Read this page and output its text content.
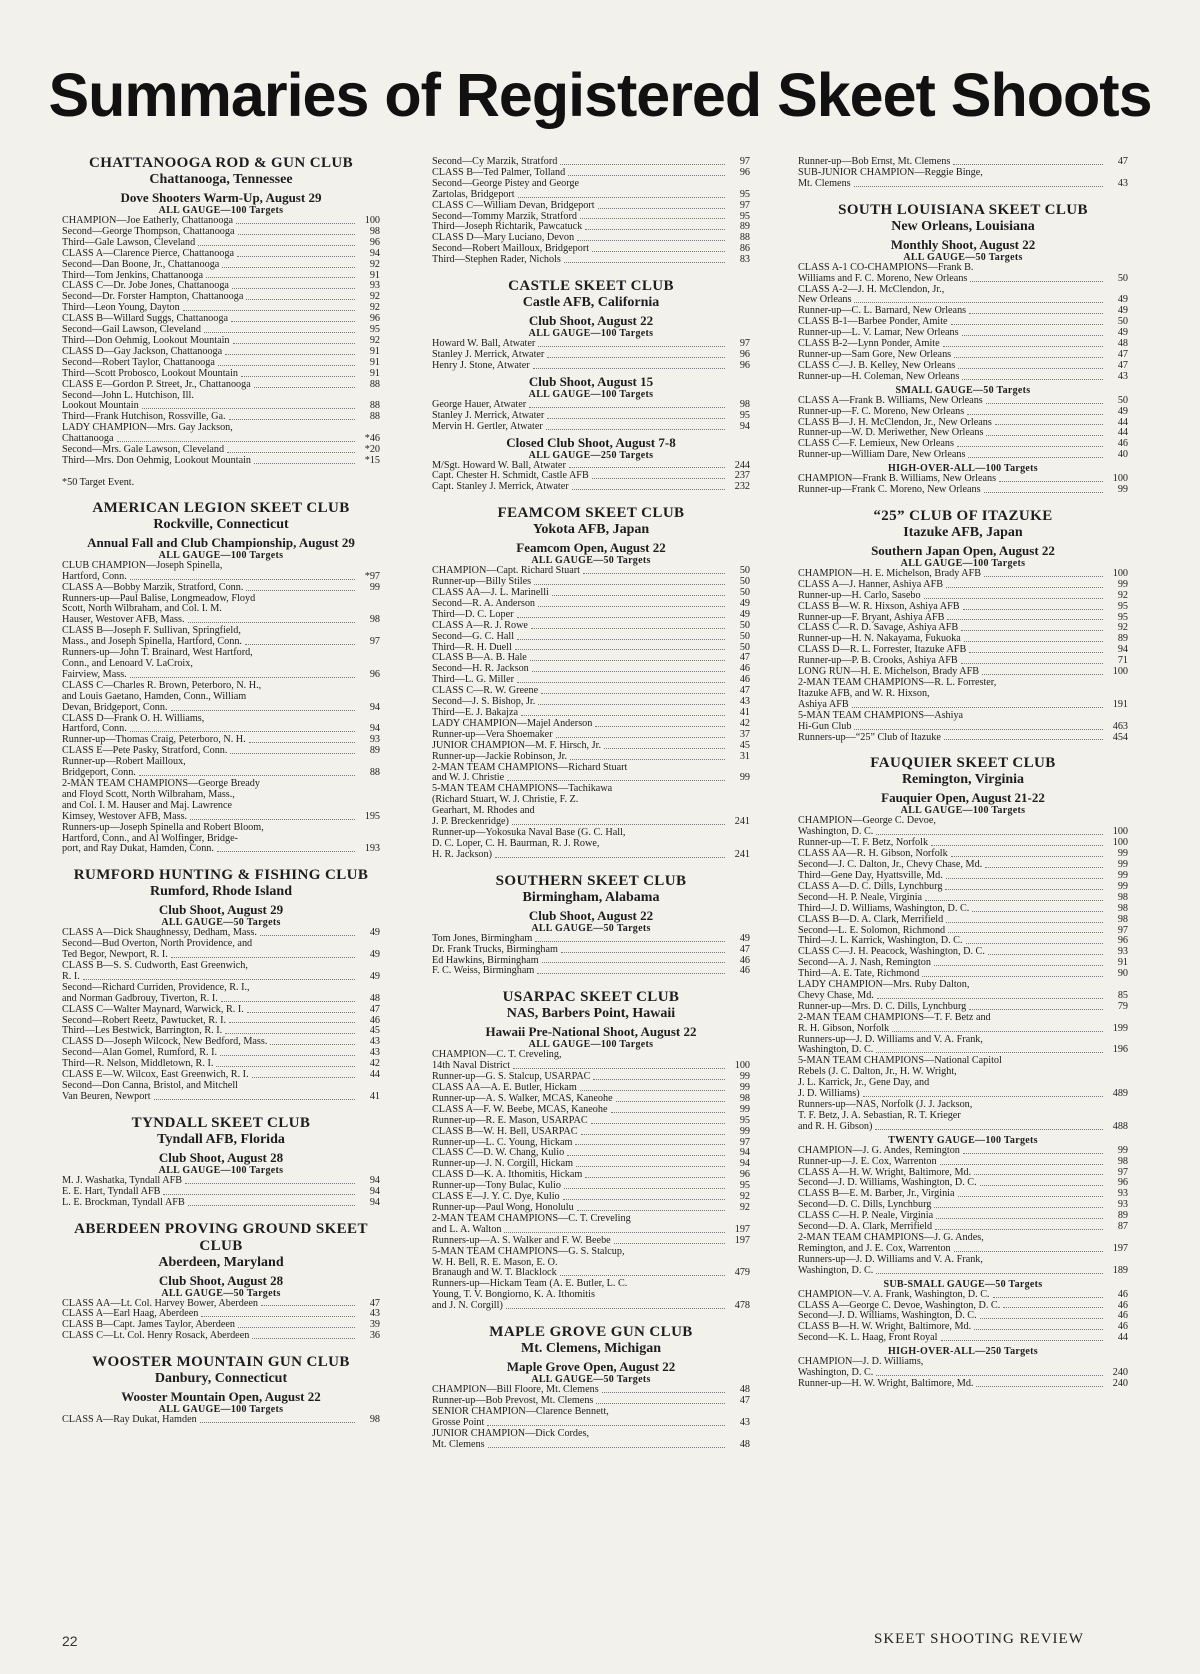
Summaries of Registered Skeet Shoots
CHATTANOOGA ROD & GUN CLUB
Chattanooga, Tennessee
Dove Shooters Warm-Up, August 29
ALL GAUGE—100 Targets
CHAMPION—Joe Eatherly, Chattanooga	100
Second—George Thompson, Chattanooga	98
Third—Gale Lawson, Cleveland	96
CLASS A—Clarence Pierce, Chattanooga	94
Second—Dan Boone, Jr., Chattanooga	92
Third—Tom Jenkins, Chattanooga	91
CLASS C—Dr. Jobe Jones, Chattanooga	93
Second—Dr. Forster Hampton, Chattanooga	92
Third—Leon Young, Dayton	92
CLASS B—Willard Suggs, Chattanooga	96
Second—Gail Lawson, Cleveland	95
Third—Don Oehmig, Lookout Mountain	92
CLASS D—Gay Jackson, Chattanooga	91
Second—Robert Taylor, Chattanooga	91
Third—Scott Probosco, Lookout Mountain	91
CLASS E—Gordon P. Street, Jr., Chattanooga	88
Second—John L. Hutchison, Ill.
Lookout Mountain	88
Third—Frank Hutchison, Rossville, Ga.	88
LADY CHAMPION—Mrs. Gay Jackson,
Chattanooga	*46
Second—Mrs. Gale Lawson, Cleveland	*20
Third—Mrs. Don Oehmig, Lookout Mountain	*15
*50 Target Event.
AMERICAN LEGION SKEET CLUB
Rockville, Connecticut
Annual Fall and Club Championship, August 29
ALL GAUGE—100 Targets
CLUB CHAMPION—Joseph Spinella,
Hartford, Conn.	*97
CLASS A—Bobby Marzik, Stratford, Conn.	99
Runners-up—Paul Balise, Longmeadow, Floyd
Scott, North Wilbraham, and Col. I. M.
Hauser, Westover AFB, Mass.	98
CLASS B—Joseph F. Sullivan, Springfield,
Mass., and Joseph Spinella, Hartford, Conn.	97
Runners-up—John T. Brainard, West Hartford,
Conn., and Lenoard V. LaCroix,
Fairview, Mass.	96
CLASS C—Charles R. Brown, Peterboro, N. H.,
and Louis Gaetano, Hamden, Conn., William
Devan, Bridgeport, Conn.	94
CLASS D—Frank O. H. Williams,
Hartford, Conn.	94
Runner-up—Thomas Craig, Peterboro, N. H.	93
CLASS E—Pete Pasky, Stratford, Conn.	89
Runner-up—Robert Mailloux,
Bridgeport, Conn.	88
2-MAN TEAM CHAMPIONS—George Bready
and Floyd Scott, North Wilbraham, Mass.,
and Col. I. M. Hauser and Maj. Lawrence
Kimsey, Westover AFB, Mass.	195
Runners-up—Joseph Spinella and Robert Bloom,
Hartford, Conn., and Al Wolfinger, Bridge-
port, and Ray Dukat, Hamden, Conn.	193
RUMFORD HUNTING & FISHING CLUB
Rumford, Rhode Island
Club Shoot, August 29
ALL GAUGE—50 Targets
CLASS A—Dick Shaughnessy, Dedham, Mass.	49
Second—Bud Overton, North Providence, and
Ted Begor, Newport, R. I.	49
CLASS B—S. S. Cudworth, East Greenwich,
R. I.	49
Second—Richard Curriden, Providence, R. I.,
and Norman Gadbrouy, Tiverton, R. I.	48
CLASS C—Walter Maynard, Warwick, R. I.	47
Second—Robert Reetz, Pawtucket, R. I.	46
Third—Les Bestwick, Barrington, R. I.	45
CLASS D—Joseph Wilcock, New Bedford, Mass.	43
Second—Alan Gomel, Rumford, R. I.	43
Third—R. Nelson, Middletown, R. I.	42
CLASS E—W. Wilcox, East Greenwich, R. I.	44
Second—Don Canna, Bristol, and Mitchell
Van Beuren, Newport	41
TYNDALL SKEET CLUB
Tyndall AFB, Florida
Club Shoot, August 28
ALL GAUGE—100 Targets
M. J. Washatka, Tyndall AFB	94
E. E. Hart, Tyndall AFB	94
L. E. Brockman, Tyndall AFB	94
ABERDEEN PROVING GROUND SKEET CLUB
Aberdeen, Maryland
Club Shoot, August 28
ALL GAUGE—50 Targets
CLASS AA—Lt. Col. Harvey Bower, Aberdeen	47
CLASS A—Earl Haag, Aberdeen	43
CLASS B—Capt. James Taylor, Aberdeen	39
CLASS C—Lt. Col. Henry Rosack, Aberdeen	36
WOOSTER MOUNTAIN GUN CLUB
Danbury, Connecticut
Wooster Mountain Open, August 22
ALL GAUGE—100 Targets
CLASS A—Ray Dukat, Hamden	98
Second—Cy Marzik, Stratford	97
CLASS B—Ted Palmer, Tolland	96
Second—George Pistey and George
Zartolas, Bridgeport	95
CLASS C—William Devan, Bridgeport	97
Second—Tommy Marzik, Stratford	95
Third—Joseph Richtarik, Pawcatuck	89
CLASS D—Mary Luciano, Devon	88
Second—Robert Mailloux, Bridgeport	86
Third—Stephen Rader, Nichols	83
CASTLE SKEET CLUB
Castle AFB, California
Club Shoot, August 22
ALL GAUGE—100 Targets
Howard W. Ball, Atwater	97
Stanley J. Merrick, Atwater	96
Henry J. Stone, Atwater	96
Club Shoot, August 15
ALL GAUGE—100 Targets
George Hauer, Atwater	98
Stanley J. Merrick, Atwater	95
Mervin H. Gertler, Atwater	94
Closed Club Shoot, August 7-8
ALL GAUGE—250 Targets
M/Sgt. Howard W. Ball, Atwater	244
Capt. Chester H. Schmidt, Castle AFB	237
Capt. Stanley J. Merrick, Atwater	232
FEAMCOM SKEET CLUB
Yokota AFB, Japan
Feamcom Open, August 22
ALL GAUGE—50 Targets
CHAMPION—Capt. Richard Stuart	50
Runner-up—Billy Stiles	50
CLASS AA—J. L. Marinelli	50
Second—R. A. Anderson	49
Third—D. C. Loper	49
CLASS A—R. J. Rowe	50
Second—G. C. Hall	50
Third—R. H. Duell	50
CLASS B—A. B. Hale	47
Second—H. R. Jackson	46
Third—L. G. Miller	46
CLASS C—R. W. Greene	47
Second—J. S. Bishop, Jr.	43
Third—E. J. Bakajza	41
LADY CHAMPION—Majel Anderson	42
Runner-up—Vera Shoemaker	37
JUNIOR CHAMPION—M. F. Hirsch, Jr.	45
Runner-up—Jackie Robinson, Jr.	31
2-MAN TEAM CHAMPIONS—Richard Stuart
and W. J. Christie	99
5-MAN TEAM CHAMPIONS—Tachikawa
(Richard Stuart, W. J. Christie, F. Z.
Gearhart, M. Rhodes and
J. P. Breckenridge)	241
Runner-up—Yokosuka Naval Base (G. C. Hall,
D. C. Loper, C. H. Baurman, R. J. Rowe,
H. R. Jackson)	241
SOUTHERN SKEET CLUB
Birmingham, Alabama
Club Shoot, August 22
ALL GAUGE—50 Targets
Tom Jones, Birmingham	49
Dr. Frank Trucks, Birmingham	47
Ed Hawkins, Birmingham	46
F. C. Weiss, Birmingham	46
USARPAC SKEET CLUB
NAS, Barbers Point, Hawaii
Hawaii Pre-National Shoot, August 22
ALL GAUGE—100 Targets
CHAMPION—C. T. Creveling,
14th Naval District	100
Runner-up—G. S. Stalcup, USARPAC	99
CLASS AA—A. E. Butler, Hickam	99
Runner-up—A. S. Walker, MCAS, Kaneohe	98
CLASS A—F. W. Beebe, MCAS, Kaneohe	99
Runner-up—R. E. Mason, USARPAC	95
CLASS B—W. H. Bell, USARPAC	99
Runner-up—L. C. Young, Hickam	97
CLASS C—D. W. Chang, Kulio	94
Runner-up—J. N. Corgill, Hickam	94
CLASS D—K. A. Ithomitis, Hickam	96
Runner-up—Tony Bulac, Kulio	95
CLASS E—J. Y. C. Dye, Kulio	92
Runner-up—Paul Wong, Honolulu	92
2-MAN TEAM CHAMPIONS—C. T. Creveling
and L. A. Walton	197
Runners-up—A. S. Walker and F. W. Beebe	197
5-MAN TEAM CHAMPIONS—G. S. Stalcup,
W. H. Bell, R. E. Mason, E. O.
Branaugh and W. T. Blacklock	479
Runners-up—Hickam Team (A. E. Butler, L. C.
Young, T. V. Bongiorno, K. A. Ithomitis
and J. N. Corgill)	478
MAPLE GROVE GUN CLUB
Mt. Clemens, Michigan
Maple Grove Open, August 22
ALL GAUGE—50 Targets
CHAMPION—Bill Floore, Mt. Clemens	48
Runner-up—Bob Prevost, Mt. Clemens	47
SENIOR CHAMPION—Clarence Bennett,
Grosse Point	43
JUNIOR CHAMPION—Dick Cordes,
Mt. Clemens	48
Runner-up—Bob Ernst, Mt. Clemens	47
SUB-JUNIOR CHAMPION—Reggie Binge,
Mt. Clemens	43
SOUTH LOUISIANA SKEET CLUB
New Orleans, Louisiana
Monthly Shoot, August 22
ALL GAUGE—50 Targets
CLASS A-1 CO-CHAMPIONS—Frank B.
Williams and F. C. Moreno, New Orleans	50
CLASS A-2—J. H. McClendon, Jr.,
New Orleans	49
Runner-up—C. L. Barnard, New Orleans	49
CLASS B-1—Barbee Ponder, Amite	50
Runner-up—L. V. Lamar, New Orleans	49
CLASS B-2—Lynn Ponder, Amite	48
Runner-up—Sam Gore, New Orleans	47
CLASS C—J. B. Kelley, New Orleans	47
Runner-up—H. Coleman, New Orleans	43
SMALL GAUGE—50 Targets
CLASS A—Frank B. Williams, New Orleans	50
Runner-up—F. C. Moreno, New Orleans	49
CLASS B—J. H. McClendon, Jr., New Orleans	44
Runner-up—W. D. Meriwether, New Orleans	44
CLASS C—F. Lemieux, New Orleans	46
Runner-up—William Dare, New Orleans	40
HIGH-OVER-ALL—100 Targets
CHAMPION—Frank B. Williams, New Orleans	100
Runner-up—Frank C. Moreno, New Orleans	99
“25” CLUB OF ITAZUKE
Itazuke AFB, Japan
Southern Japan Open, August 22
ALL GAUGE—100 Targets
CHAMPION—H. E. Michelson, Brady AFB	100
CLASS A—J. Hanner, Ashiya AFB	99
Runner-up—H. Carlo, Sasebo	92
CLASS B—W. R. Hixson, Ashiya AFB	95
Runner-up—F. Bryant, Ashiya AFB	95
CLASS C—R. D. Savage, Ashiya AFB	92
Runner-up—H. N. Nakayama, Fukuoka	89
CLASS D—R. L. Forrester, Itazuke AFB	94
Runner-up—P. B. Crooks, Ashiya AFB	71
LONG RUN—H. E. Michelson, Brady AFB	100
2-MAN TEAM CHAMPIONS—R. L. Forrester,
Itazuke AFB, and W. R. Hixson,
Ashiya AFB	191
5-MAN TEAM CHAMPIONS—Ashiya
Hi-Gun Club	463
Runners-up—“25” Club of Itazuke	454
FAUQUIER SKEET CLUB
Remington, Virginia
Fauquier Open, August 21-22
ALL GAUGE—100 Targets
CHAMPION—George C. Devoe,
Washington, D. C.	100
Runner-up—T. F. Betz, Norfolk	100
CLASS AA—R. H. Gibson, Norfolk	99
Second—J. C. Dalton, Jr., Chevy Chase, Md.	99
Third—Gene Day, Hyattsville, Md.	99
CLASS A—D. C. Dills, Lynchburg	99
Second—H. P. Neale, Virginia	98
Third—J. D. Williams, Washington, D. C.	98
CLASS B—D. A. Clark, Merrifield	98
Second—L. E. Solomon, Richmond	97
Third—J. L. Karrick, Washington, D. C.	96
CLASS C—J. H. Peacock, Washington, D. C.	93
Second—A. J. Nash, Remington	91
Third—A. E. Tate, Richmond	90
LADY CHAMPION—Mrs. Ruby Dalton,
Chevy Chase, Md.	85
Runner-up—Mrs. D. C. Dills, Lynchburg	79
2-MAN TEAM CHAMPIONS—T. F. Betz and
R. H. Gibson, Norfolk	199
Runners-up—J. D. Williams and V. A. Frank,
Washington, D. C.	196
5-MAN TEAM CHAMPIONS—National Capitol
Rebels (J. C. Dalton, Jr., H. W. Wright,
J. L. Karrick, Jr., Gene Day, and
J. D. Williams)	489
Runners-up—NAS, Norfolk (J. J. Jackson,
T. F. Betz, J. A. Sebastian, R. T. Krieger
and R. H. Gibson)	488
TWENTY GAUGE—100 Targets
CHAMPION—J. G. Andes, Remington	99
Runner-up—J. E. Cox, Warrenton	98
CLASS A—H. W. Wright, Baltimore, Md.	97
Second—J. D. Williams, Washington, D. C.	96
CLASS B—E. M. Barber, Jr., Virginia	93
Second—D. C. Dills, Lynchburg	93
CLASS C—H. P. Neale, Virginia	89
Second—D. A. Clark, Merrifield	87
2-MAN TEAM CHAMPIONS—J. G. Andes,
Remington, and J. E. Cox, Warrenton	197
Runners-up—J. D. Williams and V. A. Frank,
Washington, D. C.	189
SUB-SMALL GAUGE—50 Targets
CHAMPION—V. A. Frank, Washington, D. C.	46
CLASS A—George C. Devoe, Washington, D. C.	46
Second—J. D. Williams, Washington, D. C.	46
CLASS B—H. W. Wright, Baltimore, Md.	46
Second—K. L. Haag, Front Royal	44
HIGH-OVER-ALL—250 Targets
CHAMPION—J. D. Williams,
Washington, D. C.	240
Runner-up—H. W. Wright, Baltimore, Md.	240
22	SKEET SHOOTING REVIEW
